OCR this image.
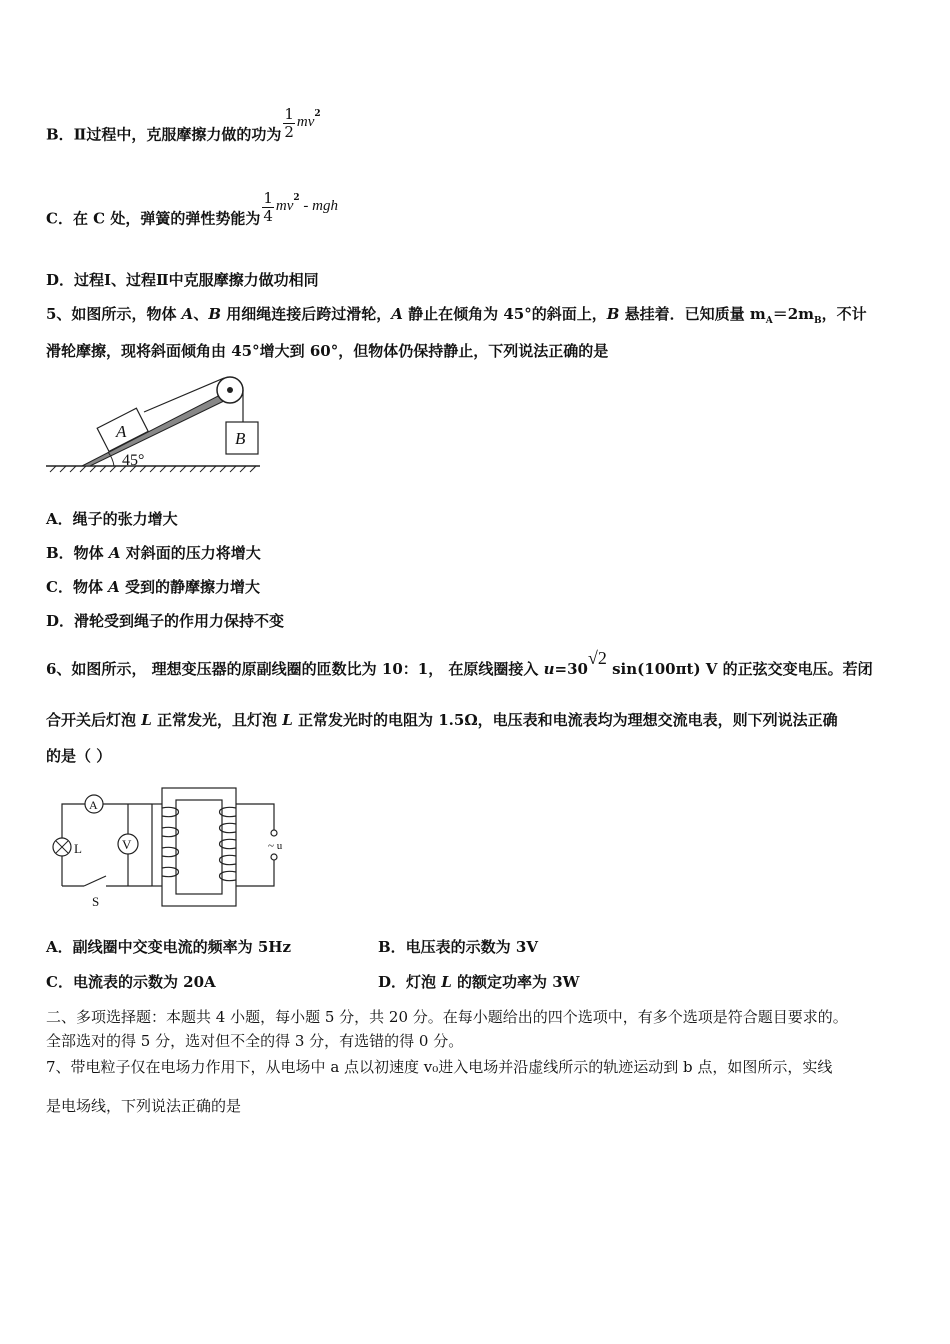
B．Ⅱ过程中，克服摩擦力做的功为 $\frac{1}{2} mv^2$
C．在 C 处，弹簧的弹性势能为 $\frac{1}{4} mv^2$ - mgh
D．过程Ⅰ、过程Ⅱ中克服摩擦力做功相同
5、如图所示，物体 A、B 用细绳连接后跨过滑轮，A 静止在倾角为 45°的斜面上，B 悬挂着．已知质量 $m_A=2m_B$，不计
滑轮摩擦，现将斜面倾角由 45°增大到 60°，但物体仍保持静止，下列说法正确的是
45°
A	B
A．绳子的张力增大
B．物体 A 对斜面的压力将增大
C．物体 A 受到的静摩擦力增大
D．滑轮受到绳子的作用力保持不变
6、如图所示， 理想变压器的原副线圈的匝数比为 10：1， 在原线圈接入 u=30√2 sin(100πt) V 的正弦交变电压。若闭
合开关后灯泡 L 正常发光，且灯泡 L 正常发光时的电阻为 1.5Ω，电压表和电流表均为理想交流电表，则下列说法正确
的是（ ）
V
A
L
S
~ u
A．副线圈中交变电流的频率为 5Hz	B．电压表的示数为 3V
C．电流表的示数为 20A	D．灯泡 L 的额定功率为 3W
二、多项选择题：本题共 4 小题，每小题 5 分，共 20 分。在每小题给出的四个选项中，有多个选项是符合题目要求的。
全部选对的得 5 分，选对但不全的得 3 分，有选错的得 0 分。
7、带电粒子仅在电场力作用下，从电场中 a 点以初速度 v₀进入电场并沿虚线所示的轨迹运动到 b 点，如图所示，实线
是电场线，下列说法正确的是
